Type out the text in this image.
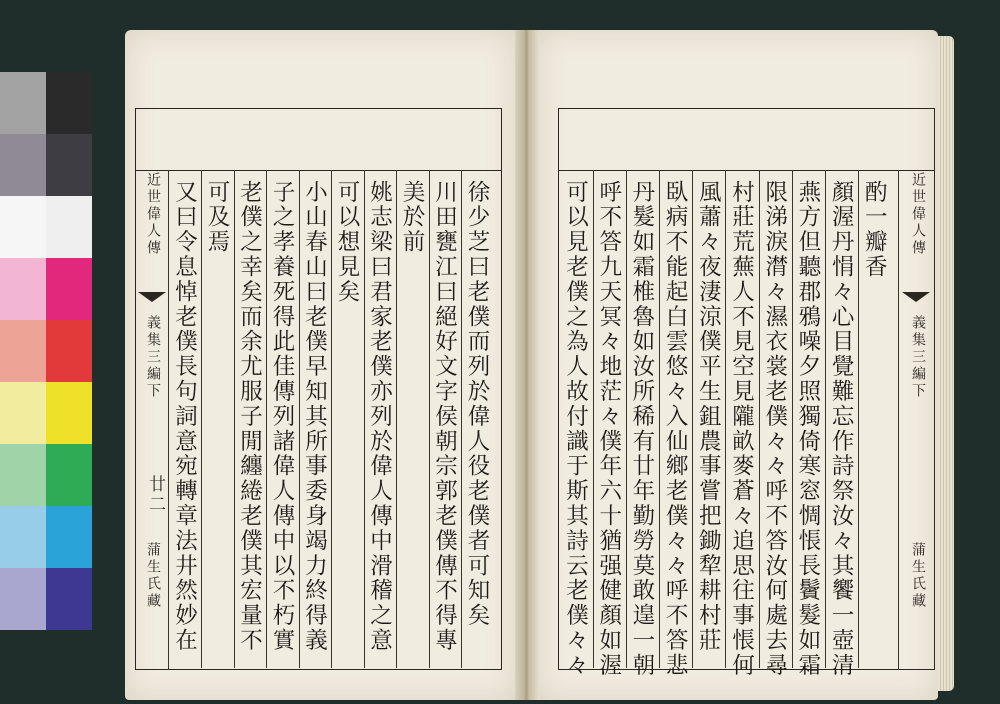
又曰令息悼老僕長句詞意宛轉章法井然妙在 可及焉 老僕之幸矣而余尤服子閒纏綣老僕其宏量不 子之孝養死得此佳傳列諸偉人傳中以不朽實 小山春山曰老僕早知其所事委身竭力終得義 可以想見矣 姚志梁曰君家老僕亦列於偉人傳中滑稽之意 美於前 川田甕江曰絕好文字侯朝宗郭老僕傳不得專 徐少芝曰老僕而列於偉人役老僕者可知矣
近世偉人傳
義集三編下
廿二
蒲生氏藏	可以見老僕之為人故付識于斯其詩云老僕々々 呼不答九天冥々地茫々僕年六十猶强健顏如渥 丹髮如霜椎魯如汝所稀有廿年勤勞莫敢遑一朝 臥病不能起白雲悠々入仙鄉老僕々々呼不答悲 風蕭々夜淒涼僕平生鉏農事嘗把鋤犂耕村莊 村莊荒蕪人不見空見隴畝麥蒼々追思往事悵何 限涕淚潸々濕衣裳老僕々々呼不答汝何處去尋 燕方但聽郡鴉噪夕照獨倚寒窓惆悵長鬢髮如霜 顏渥丹悁々心目覺難忘作詩祭汝々其饗一壺清 酌一瓣香 近世偉人傳
義集三編下
蒲生氏藏
